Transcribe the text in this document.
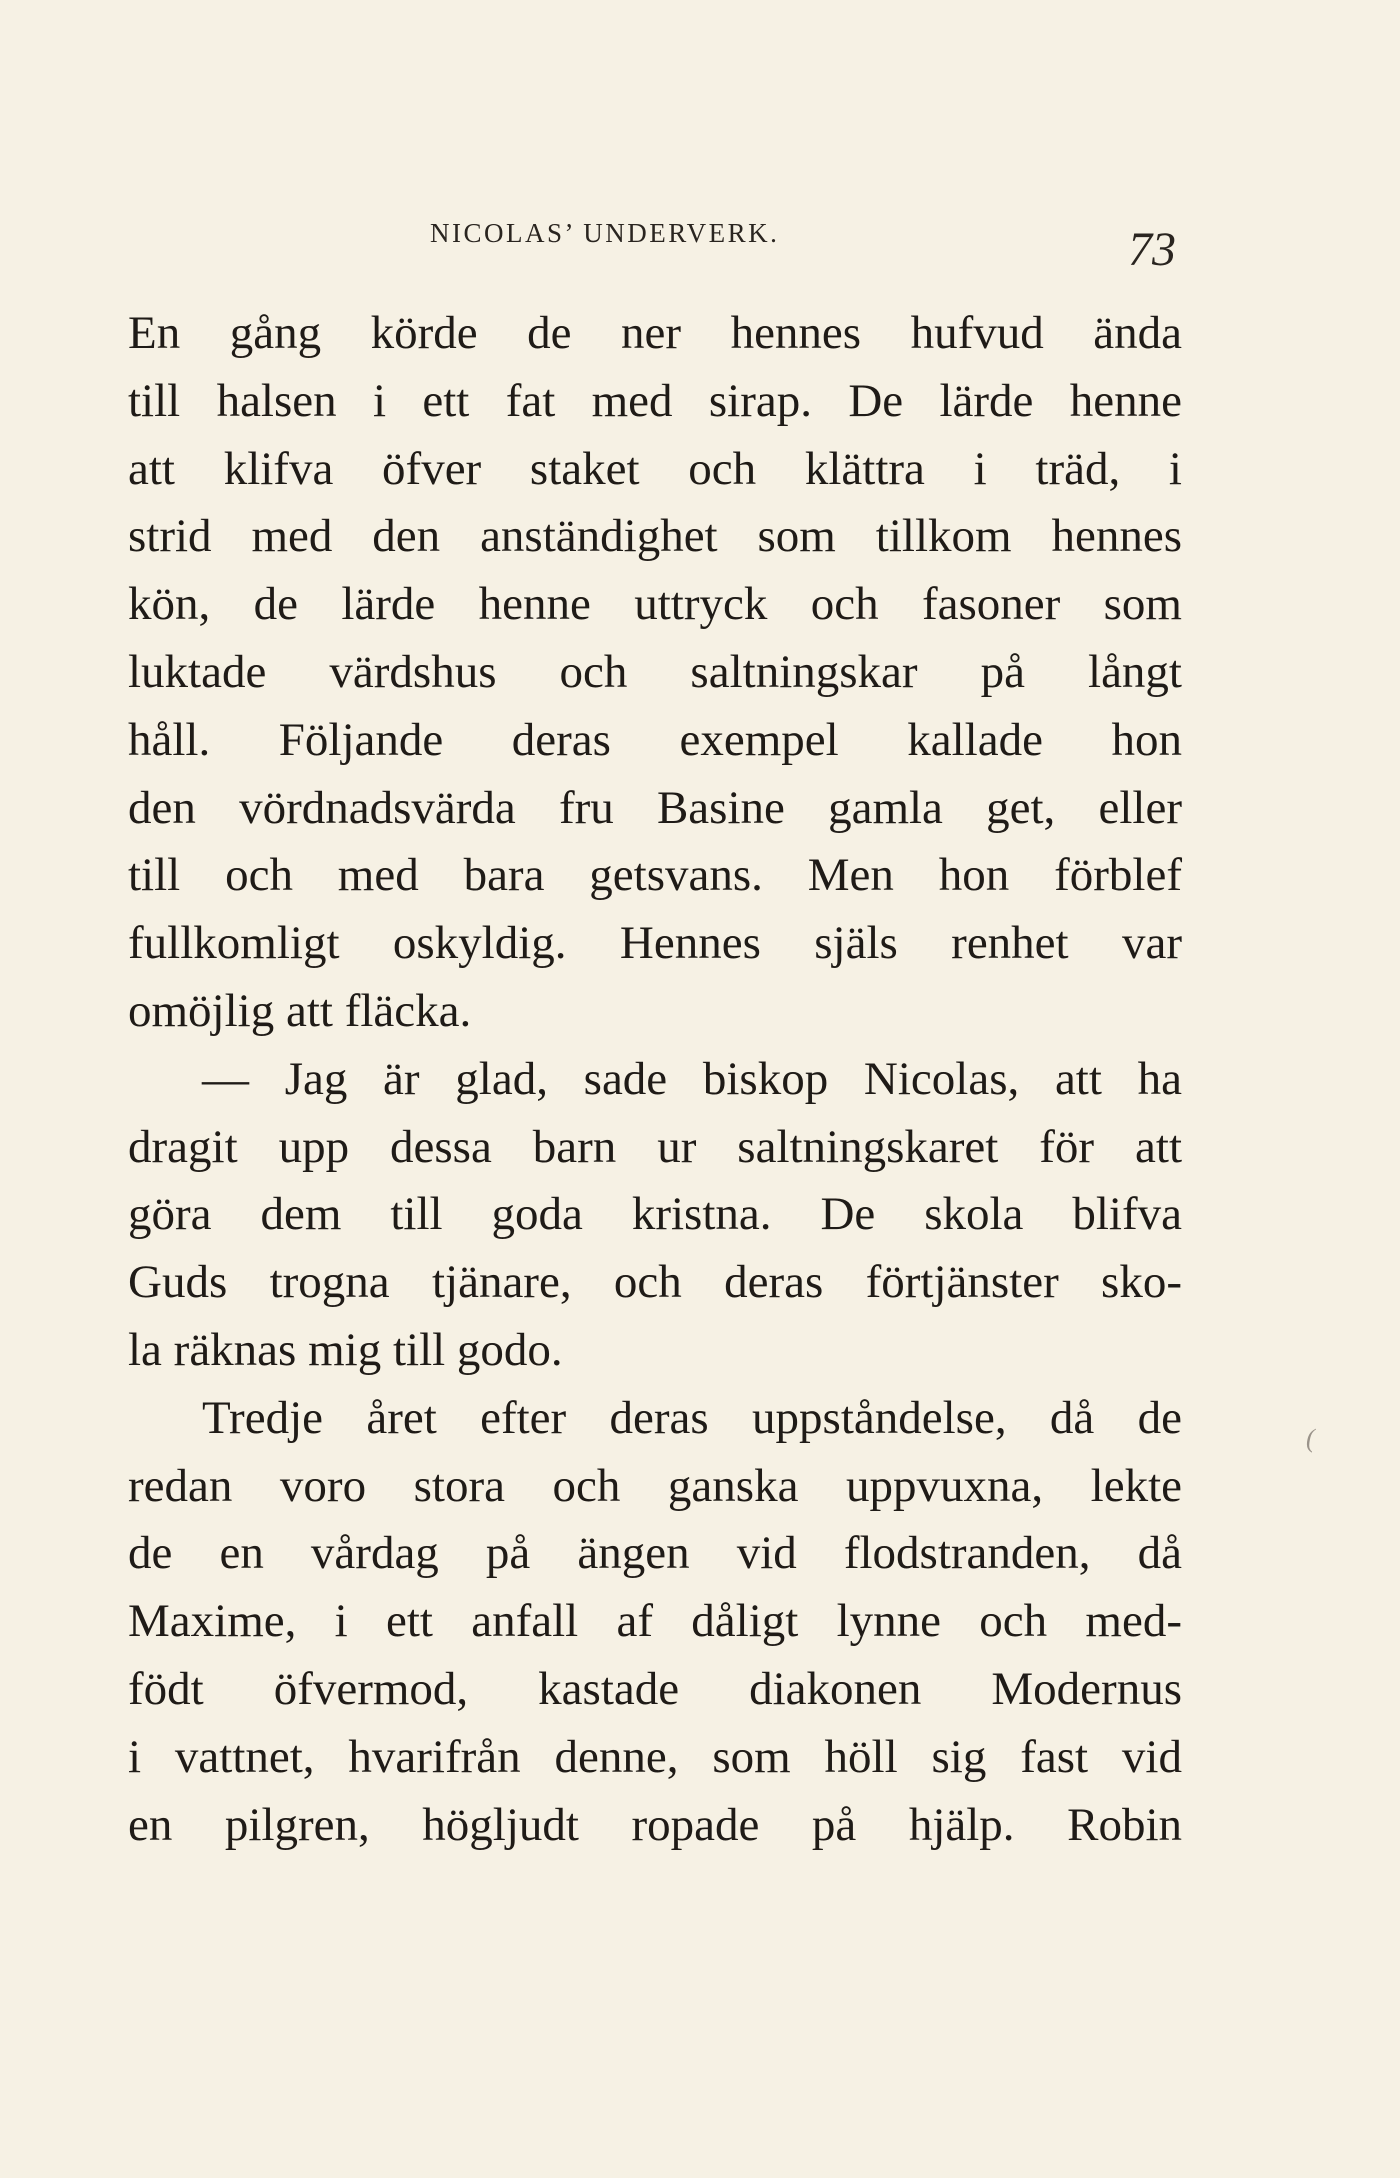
NICOLAS’ UNDERVERK.	73
En gång körde de ner hennes hufvud ända
till halsen i ett fat med sirap. De lärde henne
att klifva öfver staket och klättra i träd, i
strid med den anständighet som tillkom hennes
kön, de lärde henne uttryck och fasoner som
luktade värdshus och saltningskar på långt
håll. Följande deras exempel kallade hon
den vördnadsvärda fru Basine gamla get, eller
till och med bara getsvans. Men hon förblef
fullkomligt oskyldig. Hennes själs renhet var
omöjlig att fläcka.
— Jag är glad, sade biskop Nicolas, att ha
dragit upp dessa barn ur saltningskaret för att
göra dem till goda kristna. De skola blifva
Guds trogna tjänare, och deras förtjänster sko-
la räknas mig till godo.
Tredje året efter deras uppståndelse, då de
redan voro stora och ganska uppvuxna, lekte
de en vårdag på ängen vid flodstranden, då
Maxime, i ett anfall af dåligt lynne och med-
födt öfvermod, kastade diakonen Modernus
i vattnet, hvarifrån denne, som höll sig fast vid
en pilgren, högljudt ropade på hjälp. Robin
(
